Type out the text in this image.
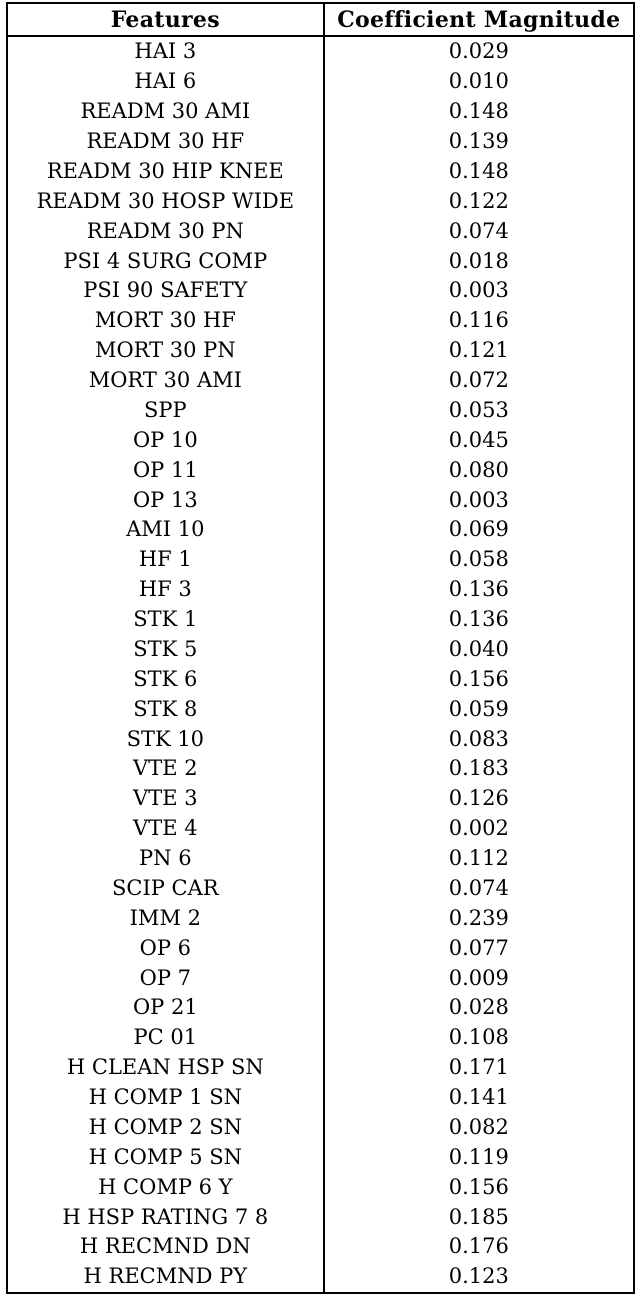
Features	Coefficient Magnitude
HAI 3	0.029
HAI 6	0.010
READM 30 AMI	0.148
READM 30 HF	0.139
READM 30 HIP KNEE	0.148
READM 30 HOSP WIDE	0.122
READM 30 PN	0.074
PSI 4 SURG COMP	0.018
PSI 90 SAFETY	0.003
MORT 30 HF	0.116
MORT 30 PN	0.121
MORT 30 AMI	0.072
SPP	0.053
OP 10	0.045
OP 11	0.080
OP 13	0.003
AMI 10	0.069
HF 1	0.058
HF 3	0.136
STK 1	0.136
STK 5	0.040
STK 6	0.156
STK 8	0.059
STK 10	0.083
VTE 2	0.183
VTE 3	0.126
VTE 4	0.002
PN 6	0.112
SCIP CAR	0.074
IMM 2	0.239
OP 6	0.077
OP 7	0.009
OP 21	0.028
PC 01	0.108
H CLEAN HSP SN	0.171
H COMP 1 SN	0.141
H COMP 2 SN	0.082
H COMP 5 SN	0.119
H COMP 6 Y	0.156
H HSP RATING 7 8	0.185
H RECMND DN	0.176
H RECMND PY	0.123
